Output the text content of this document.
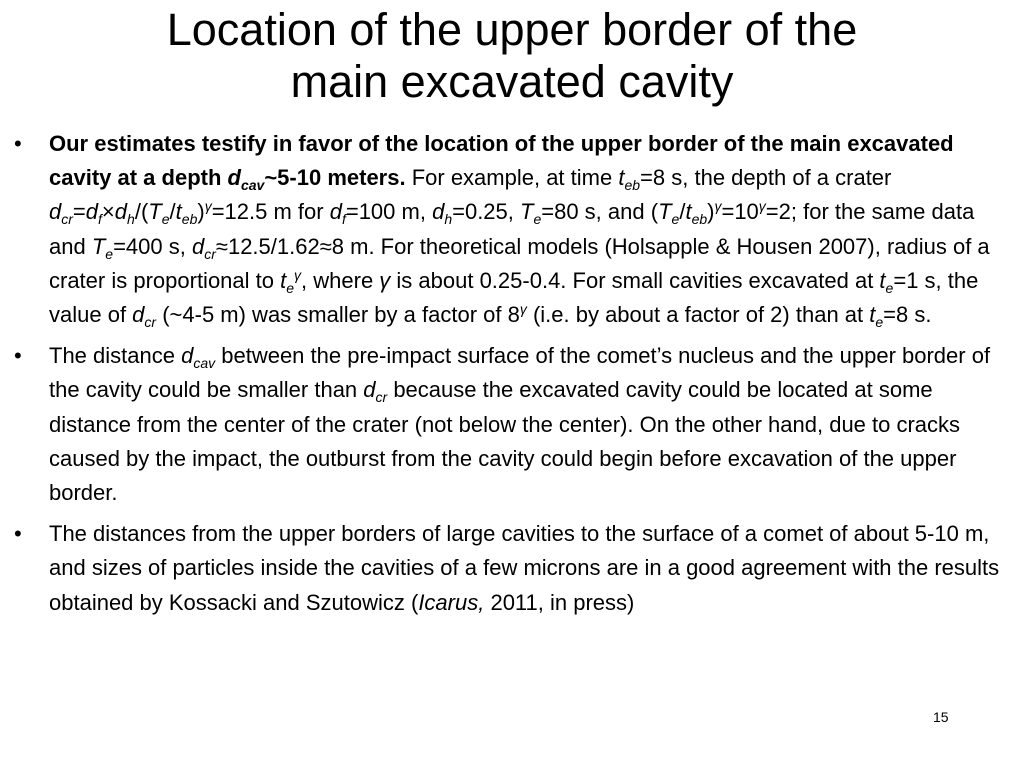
Location of the upper border of the
main excavated cavity
•	Our estimates testify in favor of the location of the upper border of the main excavated cavity at a depth $d_{cav}\sim 5-10$ meters. For example, at time $t_{eb}=8$ s, the depth of a crater $d_{cr}=d_f\times d_h/(T_e/t_{eb})^\gamma=12.5$ m for $d_f=100$ m, $d_h=0.25$, $T_e=80$ s, and $(T_e/t_{eb})^\gamma=10^\gamma=2$; for the same data and $T_e=400$ s, $d_{cr}\approx 12.5/1.62\approx 8$ m. For theoretical models (Holsapple & Housen 2007), radius of a crater is proportional to $t_e^\gamma$, where γ is about 0.25-0.4. For small cavities excavated at $t_e=1$ s, the value of $d_{cr}$ (~4-5 m) was smaller by a factor of $8^\gamma$ (i.e. by about a factor of 2) than at $t_e=8$ s.
•	The distance $d_{cav}$ between the pre-impact surface of the comet’s nucleus and the upper border of the cavity could be smaller than $d_{cr}$ because the excavated cavity could be located at some distance from the center of the crater (not below the center). On the other hand, due to cracks caused by the impact, the outburst from the cavity could begin before excavation of the upper border.
•	The distances from the upper borders of large cavities to the surface of a comet of about 5-10 m, and sizes of particles inside the cavities of a few microns are in a good agreement with the results obtained by Kossacki and Szutowicz (Icarus, 2011, in press)
15
